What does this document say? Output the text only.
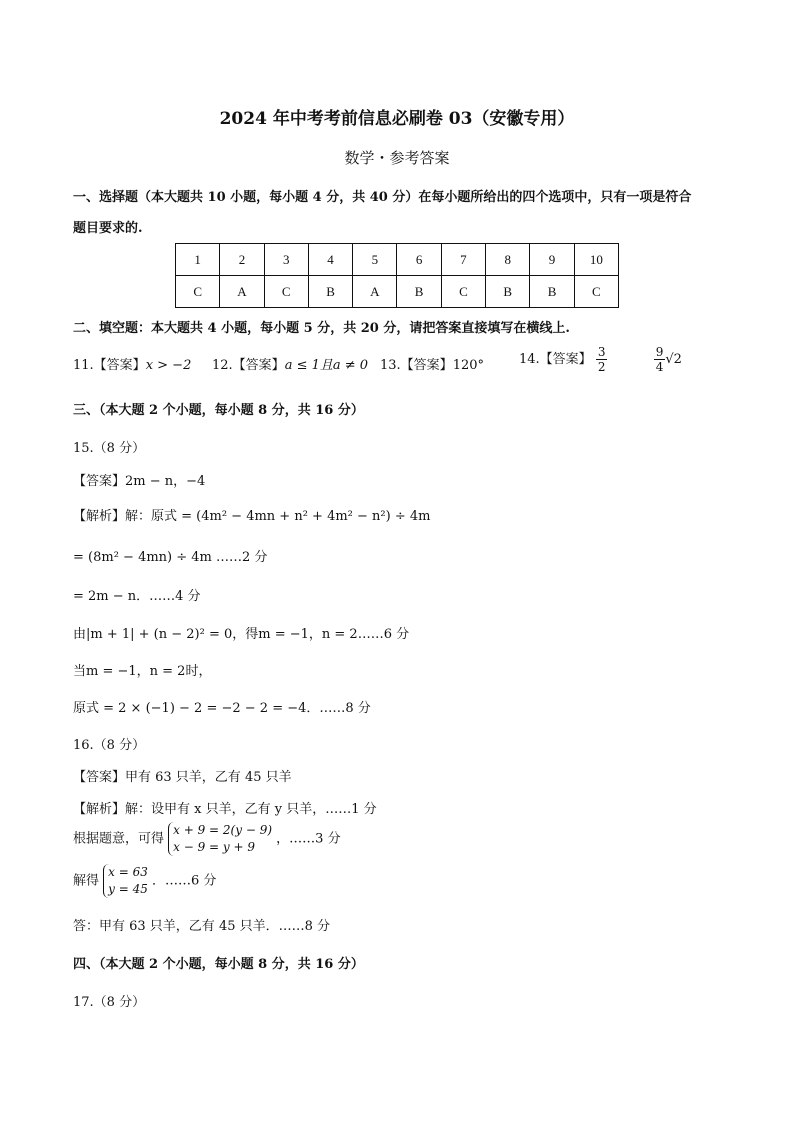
2024 年中考考前信息必刷卷 03（安徽专用）
数学・参考答案
一、选择题（本大题共 10 小题，每小题 4 分，共 40 分）在每小题所给出的四个选项中，只有一项是符合
题目要求的.
1	2	3	4	5	6	7	8	9	10
C	A	C	B	A	B	C	B	B	C
二、填空题：本大题共 4 小题，每小题 5 分，共 20 分，请把答案直接填写在横线上.
11.【答案】x > −2 12.【答案】a ≤ 1且a ≠ 0 13.【答案】120°	14.【答案】 $\frac{3}{2}$
	$\frac{9}{4} √2$
三、（本大题 2 个小题，每小题 8 分，共 16 分）
15.（8 分）
【答案】2m − n，−4
【解析】解：原式 = (4m² − 4mn + n² + 4m² − n²) ÷ 4m
= (8m² − 4mn) ÷ 4m ……2 分
= 2m − n．……4 分
由|m + 1| + (n − 2)² = 0，得m = −1，n = 2……6 分
当m = −1，n = 2时，
原式 = 2 × (−1) − 2 = −2 − 2 = −4．……8 分
16.（8 分）
【答案】甲有 63 只羊，乙有 45 只羊
【解析】解：设甲有 x 只羊，乙有 y 只羊，……1 分
根据题意，可得
x + 9 = 2(y − 9)
x − 9 = y + 9
，……3 分
解得
x = 63
y = 45
．……6 分
答：甲有 63 只羊，乙有 45 只羊．……8 分
四、（本大题 2 个小题，每小题 8 分，共 16 分）
17.（8 分）
